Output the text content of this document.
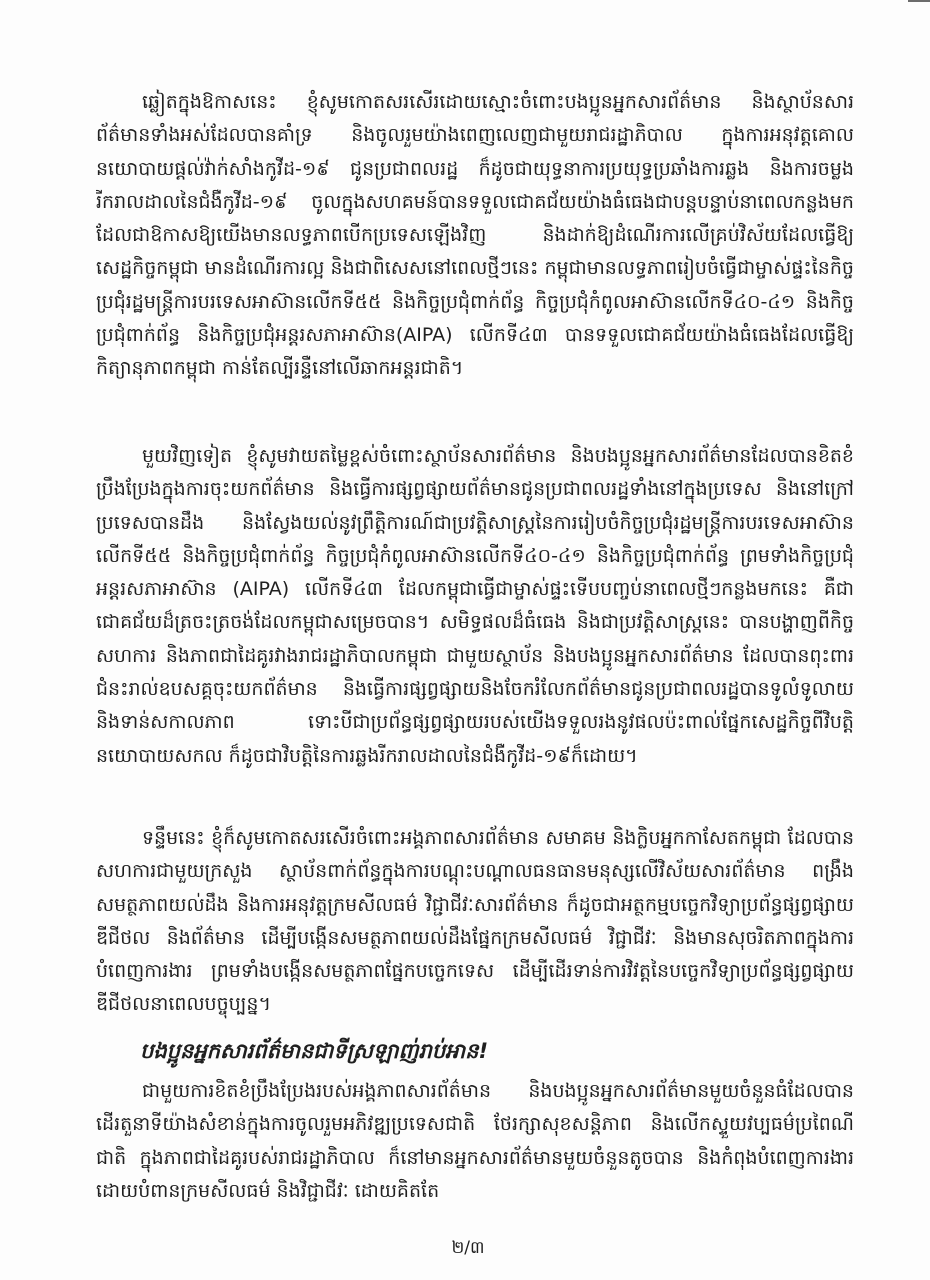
ឆ្លៀតក្នុងឱកាសនេះ ខ្ញុំសូមកោតសរសើរដោយស្មោះចំពោះបងប្អូនអ្នកសារព័ត៌មាន និងស្ថាប័នសារព័ត៌មានទាំងអស់ដែលបានគាំទ្រ និងចូលរួមយ៉ាងពេញលេញជាមួយរាជរដ្ឋាភិបាល ក្នុងការអនុវត្តគោលនយោបាយផ្តល់វ៉ាក់សាំងកូវីដ-១៩ ជូនប្រជាពលរដ្ឋ ក៏ដូចជាយុទ្ធនាការប្រយុទ្ធប្រឆាំងការឆ្លង និងការចម្លងរីករាលដាលនៃជំងឺកូវីដ-១៩ ចូលក្នុងសហគមន៍បានទទួលជោគជ័យយ៉ាងធំធេងជាបន្តបន្ទាប់នាពេលកន្លងមក ដែលជាឱកាសឱ្យយើងមានលទ្ធភាពបើកប្រទេសឡើងវិញ និងដាក់ឱ្យដំណើរការលើគ្រប់វិស័យដែលធ្វើឱ្យសេដ្ឋកិច្ចកម្ពុជា មានដំណើរការល្អ និងជាពិសេសនៅពេលថ្មីៗនេះ កម្ពុជាមានលទ្ធភាពរៀបចំធ្វើជាម្ចាស់ផ្ទះនៃកិច្ចប្រជុំរដ្ឋមន្ត្រីការបរទេសអាស៊ានលើកទី៥៥ និងកិច្ចប្រជុំពាក់ព័ន្ធ កិច្ចប្រជុំកំពូលអាស៊ានលើកទី៤០-៤១ និងកិច្ចប្រជុំពាក់ព័ន្ធ និងកិច្ចប្រជុំអន្តរសភាអាស៊ាន(AIPA) លើកទី៤៣ បានទទួលជោគជ័យយ៉ាងធំធេងដែលធ្វើឱ្យកិត្យានុភាពកម្ពុជា កាន់តែល្បីរន្ទឺនៅលើឆាកអន្តរជាតិ។

មួយវិញទៀត ខ្ញុំសូមវាយតម្លៃខ្ពស់ចំពោះស្ថាប័នសារព័ត៌មាន និងបងប្អូនអ្នកសារព័ត៌មានដែលបានខិតខំប្រឹងប្រែងក្នុងការចុះយកព័ត៌មាន និងធ្វើការផ្សព្វផ្សាយព័ត៌មានជូនប្រជាពលរដ្ឋទាំងនៅក្នុងប្រទេស និងនៅក្រៅប្រទេសបានដឹង និងស្វែងយល់នូវព្រឹត្តិការណ៍ជាប្រវត្តិសាស្ត្រនៃការរៀបចំកិច្ចប្រជុំរដ្ឋមន្ត្រីការបរទេសអាស៊ានលើកទី៥៥ និងកិច្ចប្រជុំពាក់ព័ន្ធ កិច្ចប្រជុំកំពូលអាស៊ានលើកទី៤០-៤១ និងកិច្ចប្រជុំពាក់ព័ន្ធ ព្រមទាំងកិច្ចប្រជុំអន្តរសភាអាស៊ាន (AIPA) លើកទី៤៣ ដែលកម្ពុជាធ្វើជាម្ចាស់ផ្ទះទើបបញ្ចប់នាពេលថ្មីៗកន្លងមកនេះ គឺជាជោគជ័យដ៏ត្រចះត្រចង់ដែលកម្ពុជាសម្រេចបាន។ សមិទ្ធផលដ៏ធំធេង និងជាប្រវត្តិសាស្ត្រនេះ បានបង្ហាញពីកិច្ចសហការ និងភាពជាដៃគូរវាងរាជរដ្ឋាភិបាលកម្ពុជា ជាមួយស្ថាប័ន និងបងប្អូនអ្នកសារព័ត៌មាន ដែលបានពុះពារជំនះរាល់ឧបសគ្គចុះយកព័ត៌មាន និងធ្វើការផ្សព្វផ្សាយនិងចែករំលែកព័ត៌មានជូនប្រជាពលរដ្ឋបានទូលំទូលាយ និងទាន់សកាលភាព ទោះបីជាប្រព័ន្ធផ្សព្វផ្សាយរបស់យើងទទួលរងនូវផលប៉ះពាល់ផ្នែកសេដ្ឋកិច្ចពីវិបត្តិនយោបាយសកល ក៏ដូចជាវិបត្តិនៃការឆ្លងរីករាលដាលនៃជំងឺកូវីដ-១៩ក៏ដោយ។

ទន្ទឹមនេះ ខ្ញុំក៏សូមកោតសរសើរចំពោះអង្គភាពសារព័ត៌មាន សមាគម និងក្លិបអ្នកកាសែតកម្ពុជា ដែលបានសហការជាមួយក្រសួង ស្ថាប័នពាក់ព័ន្ធក្នុងការបណ្តុះបណ្តាលធនធានមនុស្សលើវិស័យសារព័ត៌មាន ពង្រឹងសមត្ថភាពយល់ដឹង និងការអនុវត្តក្រមសីលធម៌ វិជ្ជាជីវៈសារព័ត៌មាន ក៏ដូចជាអត្ថកម្មបច្ចេកវិទ្យាប្រព័ន្ធផ្សព្វផ្សាយឌីជីថល និងព័ត៌មាន ដើម្បីបង្កើនសមត្ថភាពយល់ដឹងផ្នែកក្រមសីលធម៌ វិជ្ជាជីវៈ និងមានសុចរិតភាពក្នុងការបំពេញការងារ ព្រមទាំងបង្កើនសមត្ថភាពផ្នែកបច្ចេកទេស ដើម្បីដើរទាន់ការវិវត្តនៃបច្ចេកវិទ្យាប្រព័ន្ធផ្សព្វផ្សាយឌីជីថលនាពេលបច្ចុប្បន្ន។

បងប្អូនអ្នកសារព័ត៌មានជាទីស្រឡាញ់រាប់អាន!

ជាមួយការខិតខំប្រឹងប្រែងរបស់អង្គភាពសារព័ត៌មាន និងបងប្អូនអ្នកសារព័ត៌មានមួយចំនួនធំដែលបានដើរតួនាទីយ៉ាងសំខាន់ក្នុងការចូលរួមអភិវឌ្ឍប្រទេសជាតិ ថែរក្សាសុខសន្តិភាព និងលើកស្ទួយវប្បធម៌ប្រពៃណីជាតិ ក្នុងភាពជាដៃគូរបស់រាជរដ្ឋាភិបាល ក៏នៅមានអ្នកសារព័ត៌មានមួយចំនួនតូចបាន និងកំពុងបំពេញការងារដោយបំពានក្រមសីលធម៌ និងវិជ្ជាជីវៈ ដោយគិតតែ

២/៣
